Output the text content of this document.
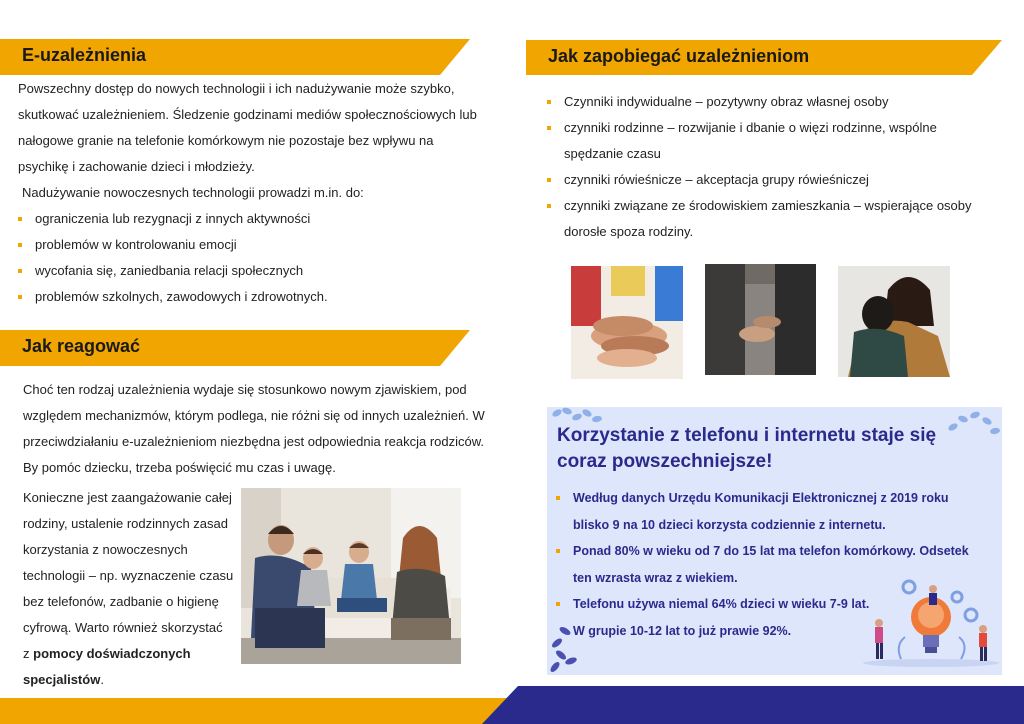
E-uzależnienia

Powszechny dostęp do nowych technologii i ich nadużywanie może szybko, skutkować uzależnieniem. Śledzenie godzinami mediów społecznościowych lub nałogowe granie na telefonie komórkowym nie pozostaje bez wpływu na psychikę i zachowanie dzieci i młodzieży.

Nadużywanie nowoczesnych technologii prowadzi m.in. do:

ograniczenia lub rezygnacji z innych aktywności
problemów w kontrolowaniu emocji
wycofania się, zaniedbania relacji społecznych
problemów szkolnych, zawodowych i zdrowotnych.
Jak reagować

Choć ten rodzaj uzależnienia wydaje się stosunkowo nowym zjawiskiem, pod względem mechanizmów, którym podlega, nie różni się od innych uzależnień. W przeciwdziałaniu e-uzależnieniom niezbędna jest odpowiednia reakcja rodziców. By pomóc dziecku, trzeba poświęcić mu czas i uwagę.

Konieczne jest zaangażowanie całej

rodziny, ustalenie rodzinnych zasad

korzystania z nowoczesnych

technologii – np. wyznaczenie czasu

bez telefonów, zadbanie o higienę

cyfrową. Warto również skorzystać

z pomocy doświadczonych

specjalistów.

Jak zapobiegać uzależnieniom
Czynniki indywidualne – pozytywny obraz własnej osoby
czynniki rodzinne – rozwijanie i dbanie o więzi rodzinne, wspólne spędzanie czasu
czynniki rówieśnicze – akceptacja grupy rówieśniczej
czynniki związane ze środowiskiem zamieszkania – wspierające osoby dorosłe spoza rodziny.
Korzystanie z telefonu i internetu staje się coraz powszechniejsze!
Według danych Urzędu Komunikacji Elektronicznej z 2019 roku blisko 9 na 10 dzieci korzysta codziennie z internetu.
Ponad 80% w wieku od 7 do 15 lat ma telefon komórkowy. Odsetek ten wzrasta wraz z wiekiem.
Telefonu używa niemal 64% dzieci w wieku 7-9 lat. W grupie 10-12 lat to już prawie 92%.
